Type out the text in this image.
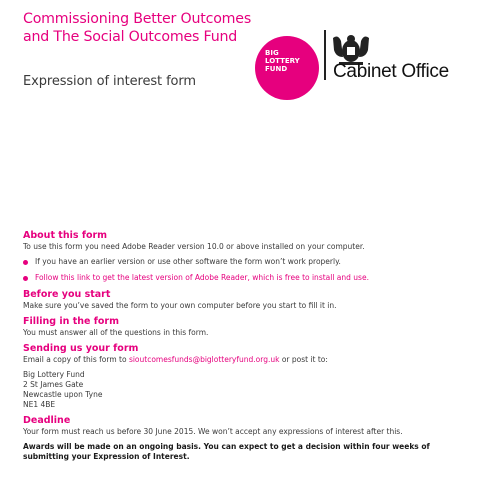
Commissioning Better Outcomes and The Social Outcomes Fund
Expression of interest form
BIG
LOTTERY
FUND	Cabinet Office
About this form
To use this form you need Adobe Reader version 10.0 or above installed on your computer.
If you have an earlier version or use other software the form won’t work properly.
Follow this link to get the latest version of Adobe Reader, which is free to install and use.
Before you start
Make sure you’ve saved the form to your own computer before you start to fill it in.
Filling in the form
You must answer all of the questions in this form.
Sending us your form
Email a copy of this form to sioutcomesfunds@biglotteryfund.org.uk or post it to:
Big Lottery Fund
2 St James Gate
Newcastle upon Tyne
NE1 4BE
Deadline
Your form must reach us before 30 June 2015. We won’t accept any expressions of interest after this.
Awards will be made on an ongoing basis. You can expect to get a decision within four weeks of submitting your Expression of Interest.
